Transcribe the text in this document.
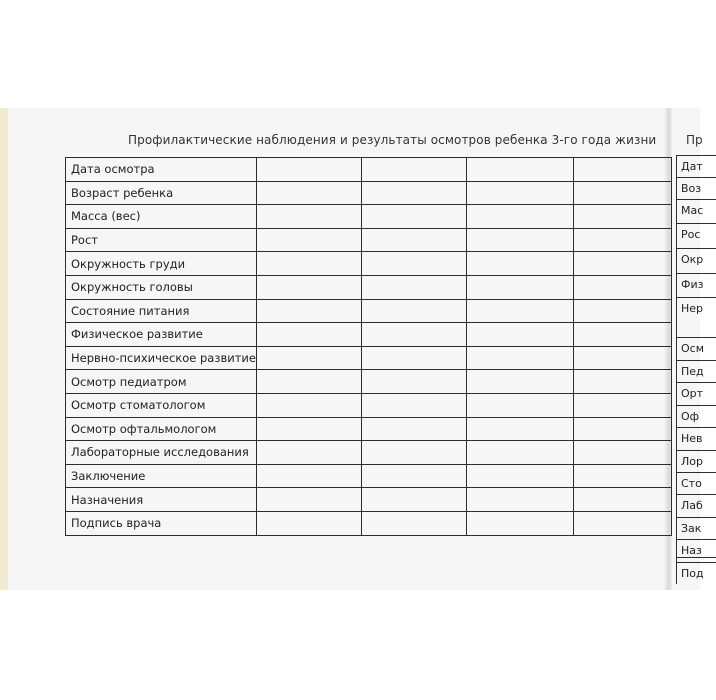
Профилактические наблюдения и результаты осмотров ребенка 3-го года жизни
Дата осмотра				
Возраст ребенка				
Масса (вес)				
Рост				
Окружность груди				
Окружность головы				
Состояние питания				
Физическое развитие				
Нервно-психическое развитие				
Осмотр педиатром				
Осмотр стоматологом				
Осмотр офтальмологом				
Лабораторные исследования				
Заключение				
Назначения				
Подпись врача				
Пр
Дат
Воз
Мас
Рос
Окр
Физ
Нер
Осм
Пед
Орт
Оф
Нев
Лор
Сто
Лаб
Зак
Наз
Под
